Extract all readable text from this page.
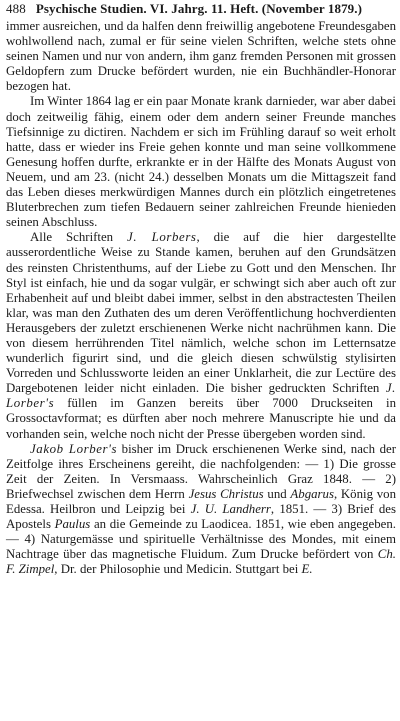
488 Psychische Studien. VI. Jahrg. 11. Heft. (November 1879.)

immer ausreichen, und da halfen denn freiwillig angebotene Freundesgaben wohlwollend nach, zumal er für seine vielen Schriften, welche stets ohne seinen Namen und nur von andern, ihm ganz fremden Personen mit grossen Geldopfern zum Drucke befördert wurden, nie ein Buchhändler-Honorar bezogen hat.

Im Winter 1864 lag er ein paar Monate krank darnieder, war aber dabei doch zeitweilig fähig, einem oder dem andern seiner Freunde manches Tiefsinnige zu dictiren. Nachdem er sich im Frühling darauf so weit erholt hatte, dass er wieder ins Freie gehen konnte und man seine vollkommene Genesung hoffen durfte, erkrankte er in der Hälfte des Monats August von Neuem, und am 23. (nicht 24.) desselben Monats um die Mittagszeit fand das Leben dieses merkwürdigen Mannes durch ein plötzlich eingetretenes Bluterbrechen zum tiefen Bedauern seiner zahlreichen Freunde hienieden seinen Abschluss.

Alle Schriften J. Lorbers, die auf die hier dargestellte ausserordentliche Weise zu Stande kamen, beruhen auf den Grundsätzen des reinsten Christenthums, auf der Liebe zu Gott und den Menschen. Ihr Styl ist einfach, hie und da sogar vulgär, er schwingt sich aber auch oft zur Erhabenheit auf und bleibt dabei immer, selbst in den abstractesten Theilen klar, was man den Zuthaten des um deren Veröffentlichung hochverdienten Herausgebers der zuletzt erschienenen Werke nicht nachrühmen kann. Die von diesem herrührenden Titel nämlich, welche schon im Letternsatze wunderlich figurirt sind, und die gleich diesen schwülstig stylisirten Vorreden und Schlussworte leiden an einer Unklarheit, die zur Lectüre des Dargebotenen leider nicht einladen. Die bisher gedruckten Schriften J. Lorber's füllen im Ganzen bereits über 7000 Druckseiten in Grossoctavformat; es dürften aber noch mehrere Manuscripte hie und da vorhanden sein, welche noch nicht der Presse übergeben worden sind.

Jakob Lorber's bisher im Druck erschienenen Werke sind, nach der Zeitfolge ihres Erscheinens gereiht, die nachfolgenden: — 1) Die grosse Zeit der Zeiten. In Versmaass. Wahrscheinlich Graz 1848. — 2) Briefwechsel zwischen dem Herrn Jesus Christus und Abgarus, König von Edessa. Heilbron und Leipzig bei J. U. Landherr, 1851. — 3) Brief des Apostels Paulus an die Gemeinde zu Laodicea. 1851, wie eben angegeben. — 4) Naturgemässe und spirituelle Verhältnisse des Mondes, mit einem Nachtrage über das magnetische Fluidum. Zum Drucke befördert von Ch. F. Zimpel, Dr. der Philosophie und Medicin. Stuttgart bei E.
